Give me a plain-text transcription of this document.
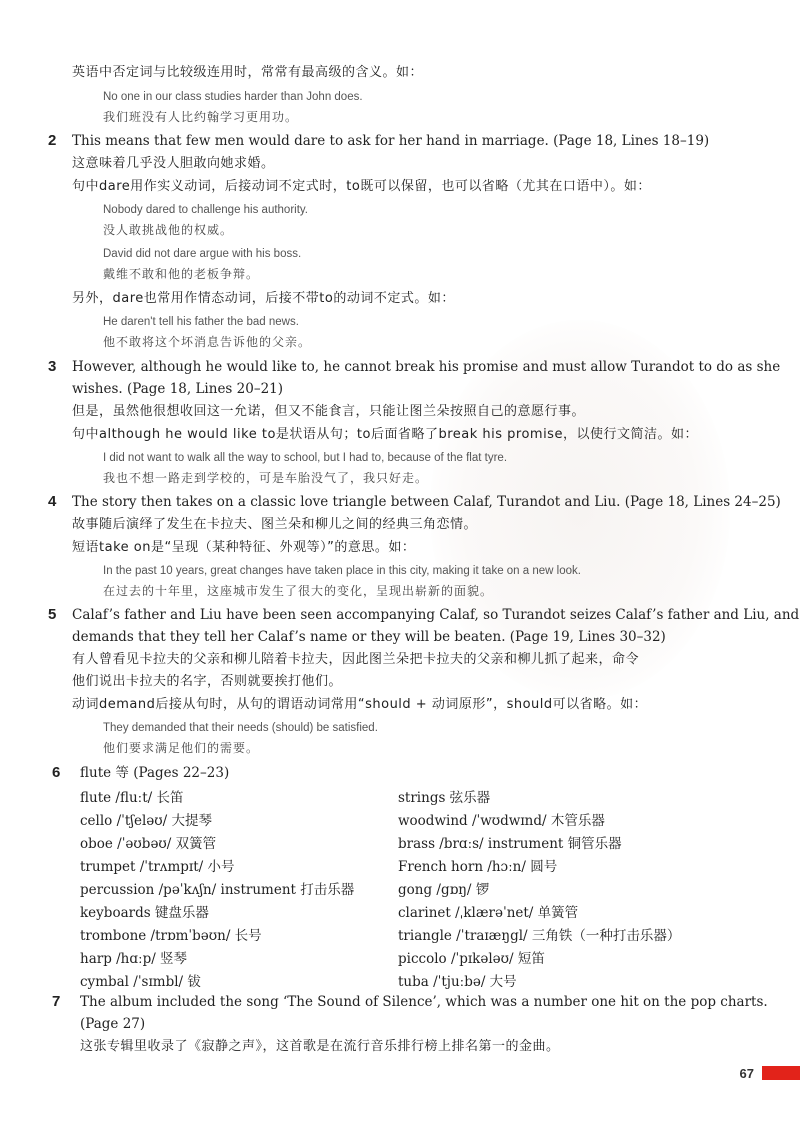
英语中否定词与比较级连用时，常常有最高级的含义。如：
No one in our class studies harder than John does.
我们班没有人比约翰学习更用功。
2 This means that few men would dare to ask for her hand in marriage. (Page 18, Lines 18–19)
这意味着几乎没人胆敢向她求婚。
句中dare用作实义动词，后接动词不定式时，to既可以保留，也可以省略（尤其在口语中）。如：
Nobody dared to challenge his authority.
没人敢挑战他的权威。
David did not dare argue with his boss.
戴维不敢和他的老板争辩。
另外，dare也常用作情态动词，后接不带to的动词不定式。如：
He daren't tell his father the bad news.
他不敢将这个坏消息告诉他的父亲。
3 However, although he would like to, he cannot break his promise and must allow Turandot to do as she
wishes. (Page 18, Lines 20–21)
但是，虽然他很想收回这一允诺，但又不能食言，只能让图兰朵按照自己的意愿行事。
句中although he would like to是状语从句；to后面省略了break his promise，以使行文简洁。如：
I did not want to walk all the way to school, but I had to, because of the flat tyre.
我也不想一路走到学校的，可是车胎没气了，我只好走。
4 The story then takes on a classic love triangle between Calaf, Turandot and Liu. (Page 18, Lines 24–25)
故事随后演绎了发生在卡拉夫、图兰朵和柳儿之间的经典三角恋情。
短语take on是“呈现（某种特征、外观等）”的意思。如：
In the past 10 years, great changes have taken place in this city, making it take on a new look.
在过去的十年里，这座城市发生了很大的变化，呈现出崭新的面貌。
5 Calaf’s father and Liu have been seen accompanying Calaf, so Turandot seizes Calaf’s father and Liu, and
demands that they tell her Calaf’s name or they will be beaten. (Page 19, Lines 30–32)
有人曾看见卡拉夫的父亲和柳儿陪着卡拉夫，因此图兰朵把卡拉夫的父亲和柳儿抓了起来，命令
他们说出卡拉夫的名字，否则就要挨打他们。
动词demand后接从句时，从句的谓语动词常用“should + 动词原形”，should可以省略。如：
They demanded that their needs (should) be satisfied.
他们要求满足他们的需要。
6 flute 等 (Pages 22–23)
flute /fluːt/ 长笛
cello /ˈtʃeləʊ/ 大提琴
oboe /ˈəʊbəʊ/ 双簧管
trumpet /ˈtrʌmpɪt/ 小号
percussion /pəˈkʌʃn/ instrument 打击乐器
keyboards 键盘乐器
trombone /trɒmˈbəʊn/ 长号
harp /hɑːp/ 竖琴
cymbal /ˈsɪmbl/ 钹
strings 弦乐器
woodwind /ˈwʊdwɪnd/ 木管乐器
brass /brɑːs/ instrument 铜管乐器
French horn /hɔːn/ 圆号
gong /gɒŋ/ 锣
clarinet /ˌklærəˈnet/ 单簧管
triangle /ˈtraɪæŋgl/ 三角铁（一种打击乐器）
piccolo /ˈpɪkələʊ/ 短笛
tuba /ˈtjuːbə/ 大号
7 The album included the song ‘The Sound of Silence’, which was a number one hit on the pop charts.
(Page 27)
这张专辑里收录了《寂静之声》，这首歌是在流行音乐排行榜上排名第一的金曲。
67
